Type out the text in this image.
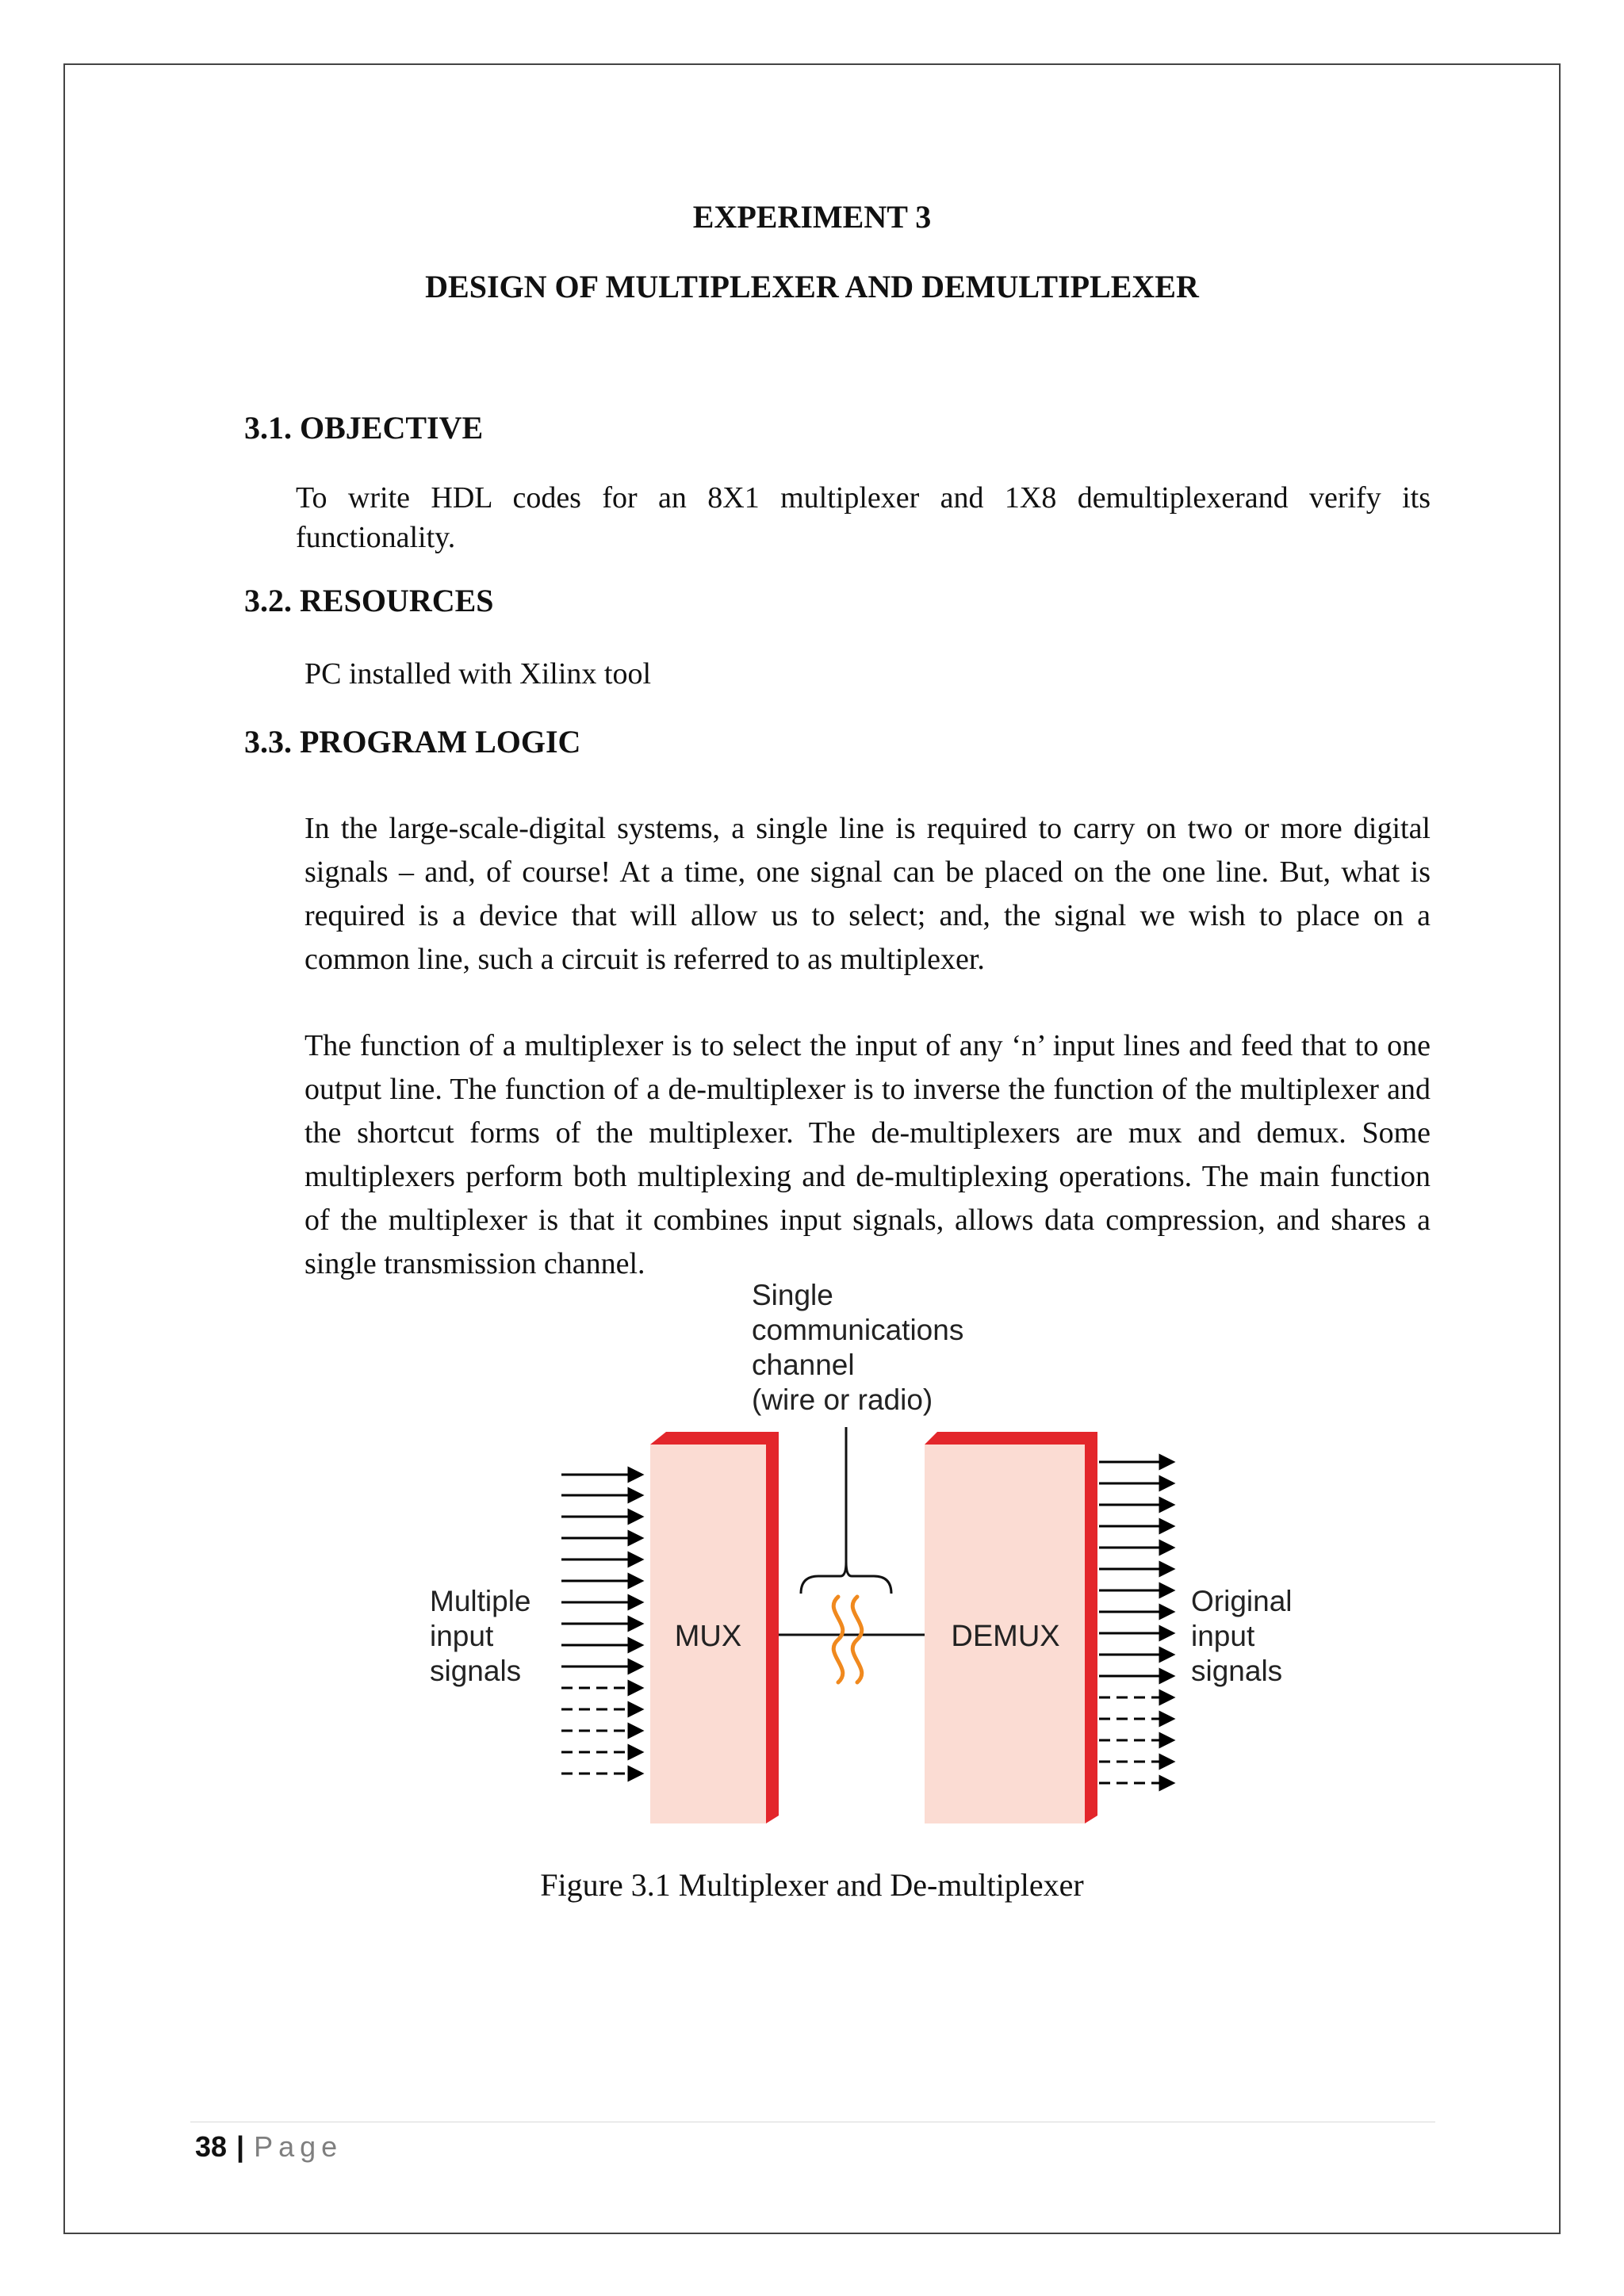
EXPERIMENT 3
DESIGN OF MULTIPLEXER AND DEMULTIPLEXER
3.1. OBJECTIVE

To write HDL codes for an 8X1 multiplexer and 1X8 demultiplexerand verify its functionality.

3.2. RESOURCES

PC installed with Xilinx tool

3.3. PROGRAM LOGIC

In the large-scale-digital systems, a single line is required to carry on two or more digital signals – and, of course! At a time, one signal can be placed on the one line. But, what is required is a device that will allow us to select; and, the signal we wish to place on a common line, such a circuit is referred to as multiplexer.

The function of a multiplexer is to select the input of any ‘n’ input lines and feed that to one output line. The function of a de-multiplexer is to inverse the function of the multiplexer and the shortcut forms of the multiplexer. The de-multiplexers are mux and demux. Some multiplexers perform both multiplexing and de-multiplexing operations. The main function of the multiplexer is that it combines input signals, allows data compression, and shares a single transmission channel.

Single communications channel (wire or radio)
MUX	DEMUX
Multiple input signals
Original input signals

Figure 3.1 Multiplexer and De-multiplexer

38 | Page
